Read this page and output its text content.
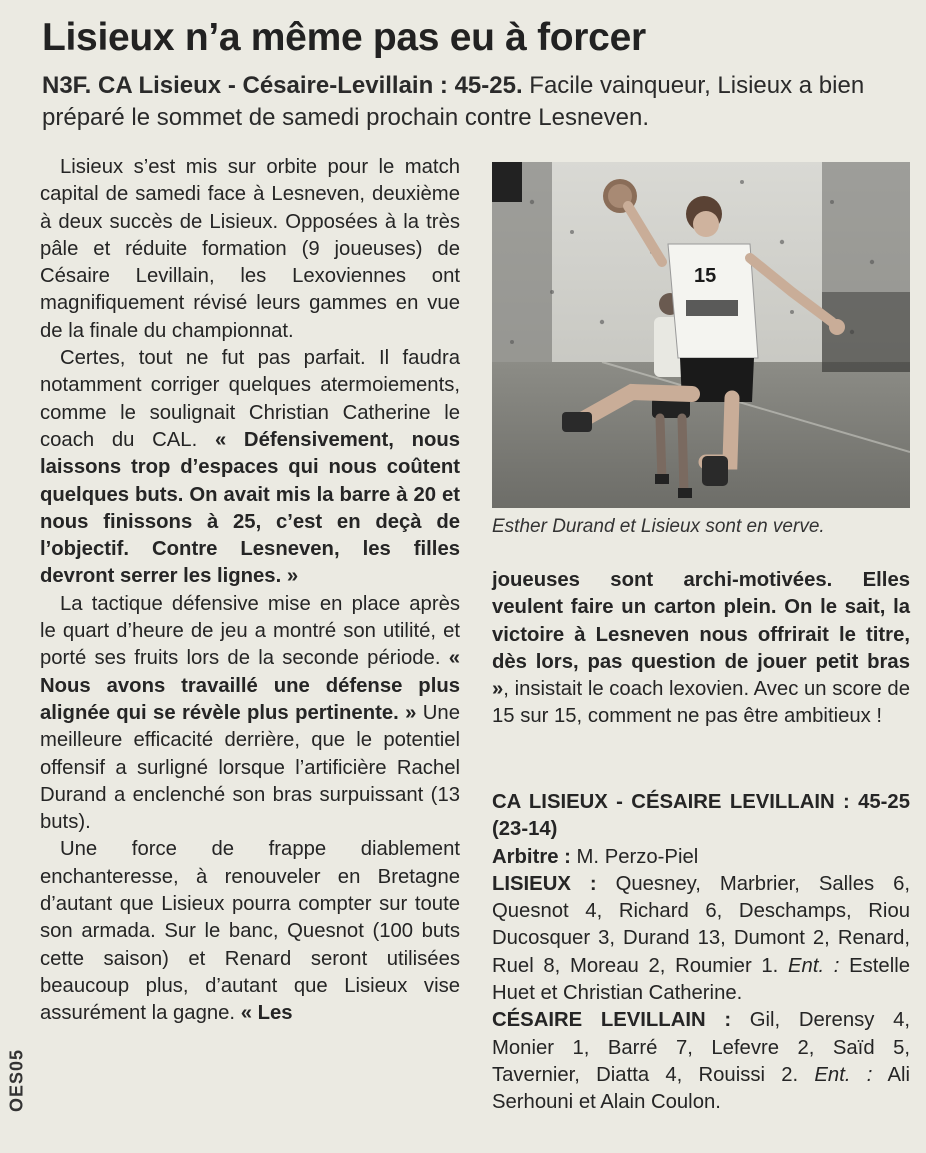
Lisieux n’a même pas eu à forcer

N3F. CA Lisieux - Césaire-Levillain : 45-25. Facile vainqueur, Lisieux a bien préparé le sommet de samedi prochain contre Lesneven.

Lisieux s’est mis sur orbite pour le match capital de samedi face à Lesneven, deuxième à deux succès de Lisieux. Opposées à la très pâle et réduite formation (9 joueuses) de Césaire Levillain, les Lexoviennes ont magnifiquement révisé leurs gammes en vue de la finale du championnat.

Certes, tout ne fut pas parfait. Il faudra notamment corriger quelques atermoiements, comme le soulignait Christian Catherine le coach du CAL. « Défensivement, nous laissons trop d’espaces qui nous coûtent quelques buts. On avait mis la barre à 20 et nous finissons à 25, c’est en deçà de l’objectif. Contre Lesneven, les filles devront serrer les lignes. »

La tactique défensive mise en place après le quart d’heure de jeu a montré son utilité, et porté ses fruits lors de la seconde période. « Nous avons travaillé une défense plus alignée qui se révèle plus pertinente. » Une meilleure efficacité derrière, que le potentiel offensif a surligné lorsque l’artificière Rachel Durand a enclenché son bras surpuissant (13 buts).

Une force de frappe diablement enchanteresse, à renouveler en Bretagne d’autant que Lisieux pourra compter sur toute son armada. Sur le banc, Quesnot (100 buts cette saison) et Renard seront utilisées beaucoup plus, d’autant que Lisieux vise assurément la gagne. « Les

15
Esther Durand et Lisieux sont en verve.

joueuses sont archi-motivées. Elles veulent faire un carton plein. On le sait, la victoire à Lesneven nous offrirait le titre, dès lors, pas question de jouer petit bras », insistait le coach lexovien. Avec un score de 15 sur 15, comment ne pas être ambitieux !

CA LISIEUX - CÉSAIRE LEVILLAIN : 45-25 (23-14)

Arbitre : M. Perzo-Piel

LISIEUX : Quesney, Marbrier, Salles 6, Quesnot 4, Richard 6, Deschamps, Riou Ducosquer 3, Durand 13, Dumont 2, Renard, Ruel 8, Moreau 2, Roumier 1. Ent. : Estelle Huet et Christian Catherine.

CÉSAIRE LEVILLAIN : Gil, Derensy 4, Monier 1, Barré 7, Lefevre 2, Saïd 5, Tavernier, Diatta 4, Rouissi 2. Ent. : Ali Serhouni et Alain Coulon.

OES05
